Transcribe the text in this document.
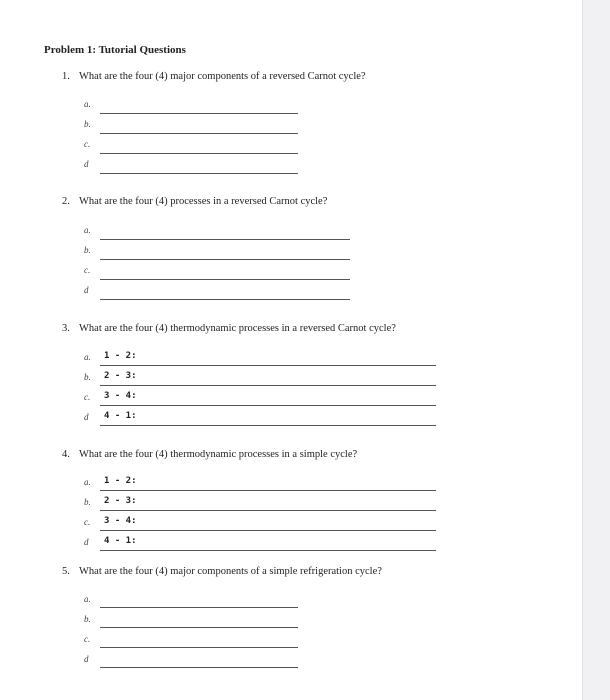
Problem 1: Tutorial Questions
1. What are the four (4) major components of a reversed Carnot cycle?
a.
b.
c.
d
2. What are the four (4) processes in a reversed Carnot cycle?
a.
b.
c.
d
3. What are the four (4) thermodynamic processes in a reversed Carnot cycle?
a. 1 - 2:
b. 2 - 3:
c. 3 - 4:
d 4 - 1:
4. What are the four (4) thermodynamic processes in a simple cycle?
a. 1 - 2:
b. 2 - 3:
c. 3 - 4:
d 4 - 1:
5. What are the four (4) major components of a simple refrigeration cycle?
a.
b.
c.
d
